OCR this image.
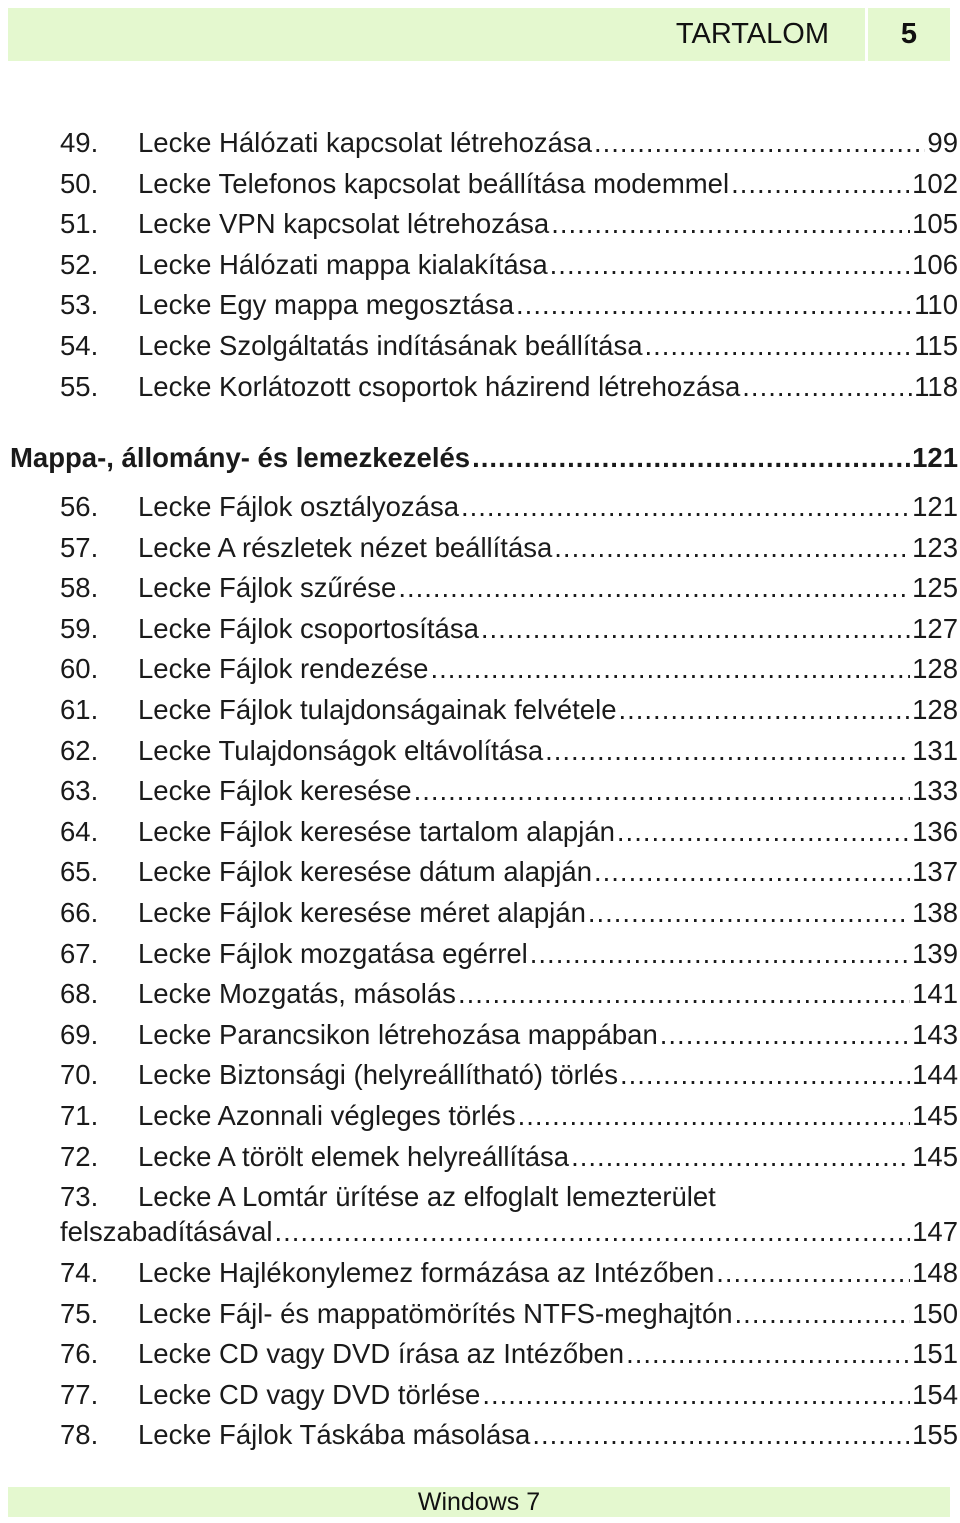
TARTALOM	5
49.	Lecke Hálózati kapcsolat létrehozása .....	99
50.	Lecke Telefonos kapcsolat beállítása modemmel .....	102
51.	Lecke VPN kapcsolat létrehozása .....	105
52.	Lecke Hálózati mappa kialakítása .....	106
53.	Lecke Egy mappa megosztása .....	110
54.	Lecke Szolgáltatás indításának beállítása .....	115
55.	Lecke Korlátozott csoportok házirend létrehozása .....	118
Mappa-, állomány- és lemezkezelés .....	121
56.	Lecke Fájlok osztályozása .....	121
57.	Lecke A részletek nézet beállítása .....	123
58.	Lecke Fájlok szűrése .....	125
59.	Lecke Fájlok csoportosítása .....	127
60.	Lecke Fájlok rendezése .....	128
61.	Lecke Fájlok tulajdonságainak felvétele .....	128
62.	Lecke Tulajdonságok eltávolítása .....	131
63.	Lecke Fájlok keresése .....	133
64.	Lecke Fájlok keresése tartalom alapján .....	136
65.	Lecke Fájlok keresése dátum alapján .....	137
66.	Lecke Fájlok keresése méret alapján .....	138
67.	Lecke Fájlok mozgatása egérrel .....	139
68.	Lecke Mozgatás, másolás .....	141
69.	Lecke Parancsikon létrehozása mappában .....	143
70.	Lecke Biztonsági (helyreállítható) törlés .....	144
71.	Lecke Azonnali végleges törlés .....	145
72.	Lecke A törölt elemek helyreállítása .....	145
73. Lecke A Lomtár ürítése az elfoglalt lemezterület
felszabadításával .....	147
74.	Lecke Hajlékonylemez formázása az Intézőben .....	148
75.	Lecke Fájl- és mappatömörítés NTFS-meghajtón .....	150
76.	Lecke CD vagy DVD írása az Intézőben .....	151
77.	Lecke CD vagy DVD törlése .....	154
78.	Lecke Fájlok Táskába másolása .....	155
Windows 7
